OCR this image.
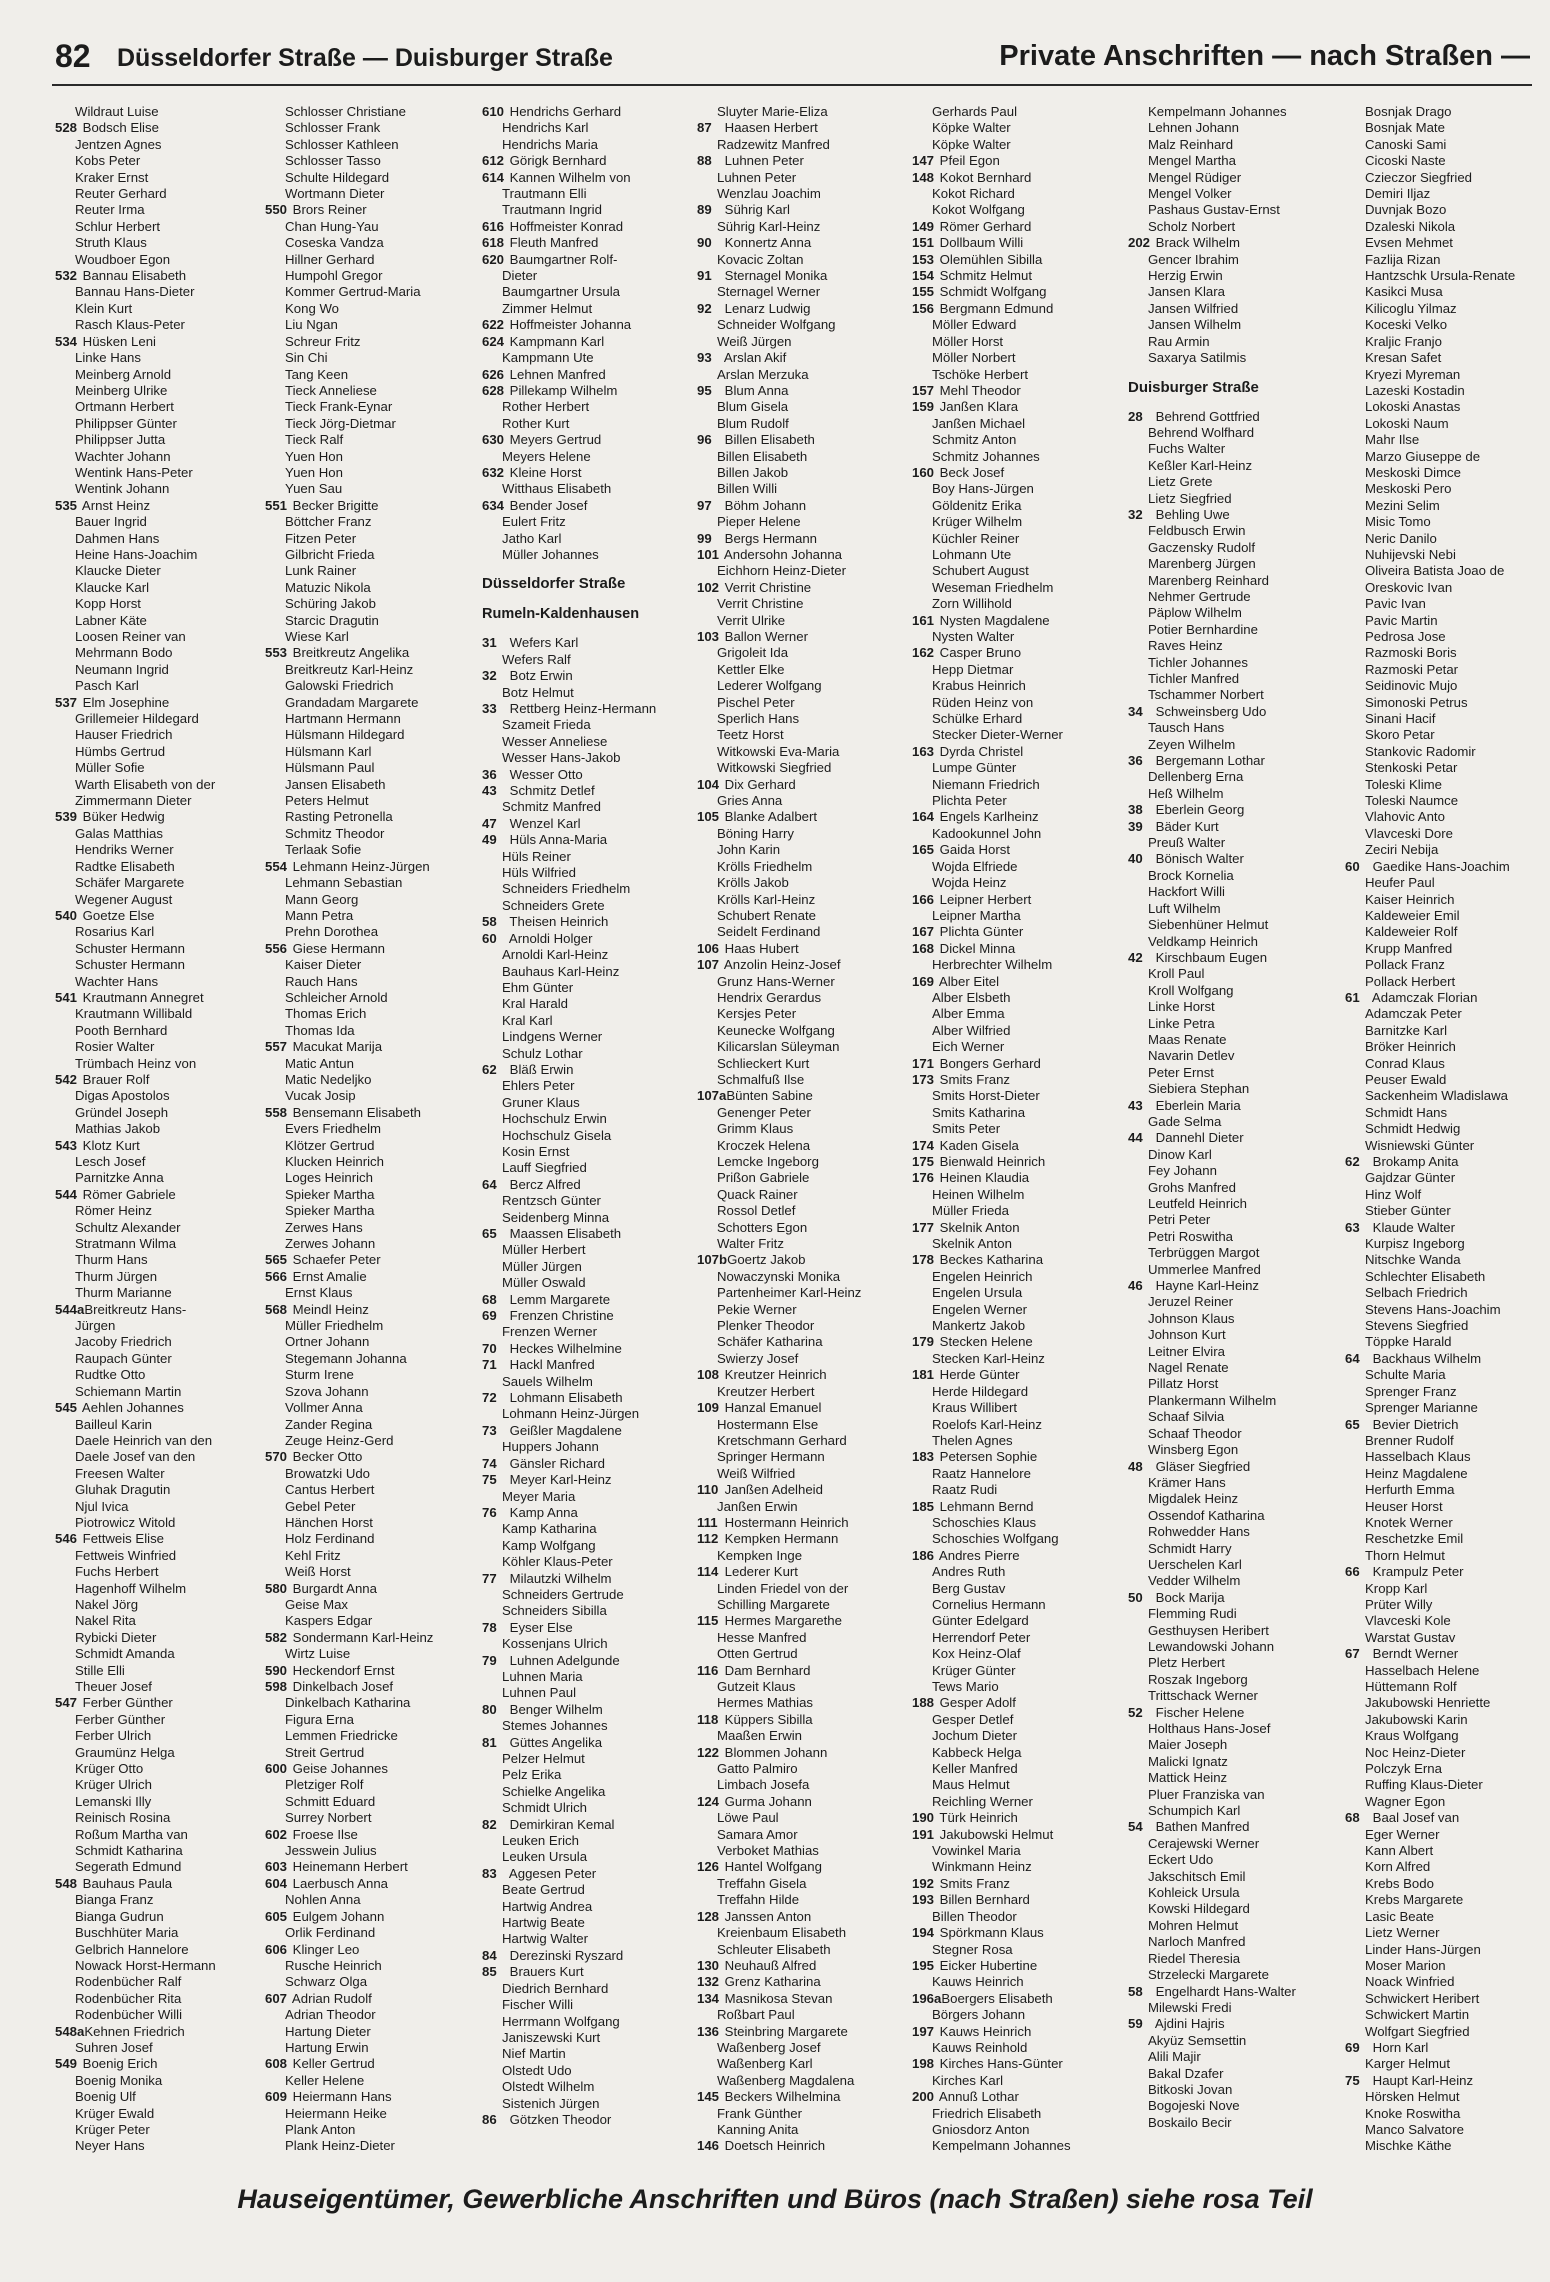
82 Düsseldorfer Straße — Duisburger Straße	Private Anschriften — nach Straßen —
Wildraut Luise
528 Bodsch Elise
Jentzen Agnes
Kobs Peter
Kraker Ernst
Reuter Gerhard
Reuter Irma
Schlur Herbert
Struth Klaus
Woudboer Egon
532 Bannau Elisabeth
Bannau Hans-Dieter
Klein Kurt
Rasch Klaus-Peter
534 Hüsken Leni
Linke Hans
Meinberg Arnold
Meinberg Ulrike
Ortmann Herbert
Philippser Günter
Philippser Jutta
Wachter Johann
Wentink Hans-Peter
Wentink Johann
535 Arnst Heinz
Bauer Ingrid
Dahmen Hans
Heine Hans-Joachim
Klaucke Dieter
Klaucke Karl
Kopp Horst
Labner Käte
Loosen Reiner van
Mehrmann Bodo
Neumann Ingrid
Pasch Karl
537 Elm Josephine
Grillemeier Hildegard
Hauser Friedrich
Hümbs Gertrud
Müller Sofie
Warth Elisabeth von der
Zimmermann Dieter
539 Büker Hedwig
Galas Matthias
Hendriks Werner
Radtke Elisabeth
Schäfer Margarete
Wegener August
540 Goetze Else
Rosarius Karl
Schuster Hermann
Schuster Hermann
Wachter Hans
541 Krautmann Annegret
Krautmann Willibald
Pooth Bernhard
Rosier Walter
Trümbach Heinz von
542 Brauer Rolf
Digas Apostolos
Gründel Joseph
Mathias Jakob
543 Klotz Kurt
Lesch Josef
Parnitzke Anna
544 Römer Gabriele
Römer Heinz
Schultz Alexander
Stratmann Wilma
Thurm Hans
Thurm Jürgen
Thurm Marianne
544aBreitkreutz Hans-
Jürgen
Jacoby Friedrich
Raupach Günter
Rudtke Otto
Schiemann Martin
545 Aehlen Johannes
Bailleul Karin
Daele Heinrich van den
Daele Josef van den
Freesen Walter
Gluhak Dragutin
Njul Ivica
Piotrowicz Witold
546 Fettweis Elise
Fettweis Winfried
Fuchs Herbert
Hagenhoff Wilhelm
Nakel Jörg
Nakel Rita
Rybicki Dieter
Schmidt Amanda
Stille Elli
Theuer Josef
547 Ferber Günther
Ferber Günther
Ferber Ulrich
Graumünz Helga
Krüger Otto
Krüger Ulrich
Lemanski Illy
Reinisch Rosina
Roßum Martha van
Schmidt Katharina
Segerath Edmund
548 Bauhaus Paula
Bianga Franz
Bianga Gudrun
Buschhüter Maria
Gelbrich Hannelore
Nowack Horst-Hermann
Rodenbücher Ralf
Rodenbücher Rita
Rodenbücher Willi
548aKehnen Friedrich
Suhren Josef
549 Boenig Erich
Boenig Monika
Boenig Ulf
Krüger Ewald
Krüger Peter
Neyer Hans
Schlosser Christiane
Schlosser Frank
Schlosser Kathleen
Schlosser Tasso
Schulte Hildegard
Wortmann Dieter
550 Brors Reiner
Chan Hung-Yau
Coseska Vandza
Hillner Gerhard
Humpohl Gregor
Kommer Gertrud-Maria
Kong Wo
Liu Ngan
Schreur Fritz
Sin Chi
Tang Keen
Tieck Anneliese
Tieck Frank-Eynar
Tieck Jörg-Dietmar
Tieck Ralf
Yuen Hon
Yuen Hon
Yuen Sau
551 Becker Brigitte
Böttcher Franz
Fitzen Peter
Gilbricht Frieda
Lunk Rainer
Matuzic Nikola
Schüring Jakob
Starcic Dragutin
Wiese Karl
553 Breitkreutz Angelika
Breitkreutz Karl-Heinz
Galowski Friedrich
Grandadam Margarete
Hartmann Hermann
Hülsmann Hildegard
Hülsmann Karl
Hülsmann Paul
Jansen Elisabeth
Peters Helmut
Rasting Petronella
Schmitz Theodor
Terlaak Sofie
554 Lehmann Heinz-Jürgen
Lehmann Sebastian
Mann Georg
Mann Petra
Prehn Dorothea
556 Giese Hermann
Kaiser Dieter
Rauch Hans
Schleicher Arnold
Thomas Erich
Thomas Ida
557 Macukat Marija
Matic Antun
Matic Nedeljko
Vucak Josip
558 Bensemann Elisabeth
Evers Friedhelm
Klötzer Gertrud
Klucken Heinrich
Loges Heinrich
Spieker Martha
Spieker Martha
Zerwes Hans
Zerwes Johann
565 Schaefer Peter
566 Ernst Amalie
Ernst Klaus
568 Meindl Heinz
Müller Friedhelm
Ortner Johann
Stegemann Johanna
Sturm Irene
Szova Johann
Vollmer Anna
Zander Regina
Zeuge Heinz-Gerd
570 Becker Otto
Browatzki Udo
Cantus Herbert
Gebel Peter
Hänchen Horst
Holz Ferdinand
Kehl Fritz
Weiß Horst
580 Burgardt Anna
Geise Max
Kaspers Edgar
582 Sondermann Karl-Heinz
Wirtz Luise
590 Heckendorf Ernst
598 Dinkelbach Josef
Dinkelbach Katharina
Figura Erna
Lemmen Friedricke
Streit Gertrud
600 Geise Johannes
Pletziger Rolf
Schmitt Eduard
Surrey Norbert
602 Froese Ilse
Jesswein Julius
603 Heinemann Herbert
604 Laerbusch Anna
Nohlen Anna
605 Eulgem Johann
Orlik Ferdinand
606 Klinger Leo
Rusche Heinrich
Schwarz Olga
607 Adrian Rudolf
Adrian Theodor
Hartung Dieter
Hartung Erwin
608 Keller Gertrud
Keller Helene
609 Heiermann Hans
Heiermann Heike
Plank Anton
Plank Heinz-Dieter
610 Hendrichs Gerhard
Hendrichs Karl
Hendrichs Maria
612 Görigk Bernhard
614 Kannen Wilhelm von
Trautmann Elli
Trautmann Ingrid
616 Hoffmeister Konrad
618 Fleuth Manfred
620 Baumgartner Rolf-
Dieter
Baumgartner Ursula
Zimmer Helmut
622 Hoffmeister Johanna
624 Kampmann Karl
Kampmann Ute
626 Lehnen Manfred
628 Pillekamp Wilhelm
Rother Herbert
Rother Kurt
630 Meyers Gertrud
Meyers Helene
632 Kleine Horst
Witthaus Elisabeth
634 Bender Josef
Eulert Fritz
Jatho Karl
Müller Johannes
Düsseldorfer Straße
Rumeln-Kaldenhausen
31 Wefers Karl
Wefers Ralf
32 Botz Erwin
Botz Helmut
33 Rettberg Heinz-Hermann
Szameit Frieda
Wesser Anneliese
Wesser Hans-Jakob
36 Wesser Otto
43 Schmitz Detlef
Schmitz Manfred
47 Wenzel Karl
49 Hüls Anna-Maria
Hüls Reiner
Hüls Wilfried
Schneiders Friedhelm
Schneiders Grete
58 Theisen Heinrich
60 Arnoldi Holger
Arnoldi Karl-Heinz
Bauhaus Karl-Heinz
Ehm Günter
Kral Harald
Kral Karl
Lindgens Werner
Schulz Lothar
62 Bläß Erwin
Ehlers Peter
Gruner Klaus
Hochschulz Erwin
Hochschulz Gisela
Kosin Ernst
Lauff Siegfried
64 Bercz Alfred
Rentzsch Günter
Seidenberg Minna
65 Maassen Elisabeth
Müller Herbert
Müller Jürgen
Müller Oswald
68 Lemm Margarete
69 Frenzen Christine
Frenzen Werner
70 Heckes Wilhelmine
71 Hackl Manfred
Sauels Wilhelm
72 Lohmann Elisabeth
Lohmann Heinz-Jürgen
73 Geißler Magdalene
Huppers Johann
74 Gänsler Richard
75 Meyer Karl-Heinz
Meyer Maria
76 Kamp Anna
Kamp Katharina
Kamp Wolfgang
Köhler Klaus-Peter
77 Milautzki Wilhelm
Schneiders Gertrude
Schneiders Sibilla
78 Eyser Else
Kossenjans Ulrich
79 Luhnen Adelgunde
Luhnen Maria
Luhnen Paul
80 Benger Wilhelm
Stemes Johannes
81 Güttes Angelika
Pelzer Helmut
Pelz Erika
Schielke Angelika
Schmidt Ulrich
82 Demirkiran Kemal
Leuken Erich
Leuken Ursula
83 Aggesen Peter
Beate Gertrud
Hartwig Andrea
Hartwig Beate
Hartwig Walter
84 Derezinski Ryszard
85 Brauers Kurt
Diedrich Bernhard
Fischer Willi
Herrmann Wolfgang
Janiszewski Kurt
Nief Martin
Olstedt Udo
Olstedt Wilhelm
Sistenich Jürgen
86 Götzken Theodor
Sluyter Marie-Eliza
87 Haasen Herbert
Radzewitz Manfred
88 Luhnen Peter
Luhnen Peter
Wenzlau Joachim
89 Sührig Karl
Sührig Karl-Heinz
90 Konnertz Anna
Kovacic Zoltan
91 Sternagel Monika
Sternagel Werner
92 Lenarz Ludwig
Schneider Wolfgang
Weiß Jürgen
93 Arslan Akif
Arslan Merzuka
95 Blum Anna
Blum Gisela
Blum Rudolf
96 Billen Elisabeth
Billen Elisabeth
Billen Jakob
Billen Willi
97 Böhm Johann
Pieper Helene
99 Bergs Hermann
101 Andersohn Johanna
Eichhorn Heinz-Dieter
102 Verrit Christine
Verrit Christine
Verrit Ulrike
103 Ballon Werner
Grigoleit Ida
Kettler Elke
Lederer Wolfgang
Pischel Peter
Sperlich Hans
Teetz Horst
Witkowski Eva-Maria
Witkowski Siegfried
104 Dix Gerhard
Gries Anna
105 Blanke Adalbert
Böning Harry
John Karin
Krölls Friedhelm
Krölls Jakob
Krölls Karl-Heinz
Schubert Renate
Seidelt Ferdinand
106 Haas Hubert
107 Anzolin Heinz-Josef
Grunz Hans-Werner
Hendrix Gerardus
Kersjes Peter
Keunecke Wolfgang
Kilicarslan Süleyman
Schlieckert Kurt
Schmalfuß Ilse
107aBünten Sabine
Genenger Peter
Grimm Klaus
Kroczek Helena
Lemcke Ingeborg
Prißon Gabriele
Quack Rainer
Rossol Detlef
Schotters Egon
Walter Fritz
107bGoertz Jakob
Nowaczynski Monika
Partenheimer Karl-Heinz
Pekie Werner
Plenker Theodor
Schäfer Katharina
Swierzy Josef
108 Kreutzer Heinrich
Kreutzer Herbert
109 Hanzal Emanuel
Hostermann Else
Kretschmann Gerhard
Springer Hermann
Weiß Wilfried
110 Janßen Adelheid
Janßen Erwin
111 Hostermann Heinrich
112 Kempken Hermann
Kempken Inge
114 Lederer Kurt
Linden Friedel von der
Schilling Margarete
115 Hermes Margarethe
Hesse Manfred
Otten Gertrud
116 Dam Bernhard
Gutzeit Klaus
Hermes Mathias
118 Küppers Sibilla
Maaßen Erwin
122 Blommen Johann
Gatto Palmiro
Limbach Josefa
124 Gurma Johann
Löwe Paul
Samara Amor
Verboket Mathias
126 Hantel Wolfgang
Treffahn Gisela
Treffahn Hilde
128 Janssen Anton
Kreienbaum Elisabeth
Schleuter Elisabeth
130 Neuhauß Alfred
132 Grenz Katharina
134 Masnikosa Stevan
Roßbart Paul
136 Steinbring Margarete
Waßenberg Josef
Waßenberg Karl
Waßenberg Magdalena
145 Beckers Wilhelmina
Frank Günther
Kanning Anita
146 Doetsch Heinrich
Gerhards Paul
Köpke Walter
Köpke Walter
147 Pfeil Egon
148 Kokot Bernhard
Kokot Richard
Kokot Wolfgang
149 Römer Gerhard
151 Dollbaum Willi
153 Olemühlen Sibilla
154 Schmitz Helmut
155 Schmidt Wolfgang
156 Bergmann Edmund
Möller Edward
Möller Horst
Möller Norbert
Tschöke Herbert
157 Mehl Theodor
159 Janßen Klara
Janßen Michael
Schmitz Anton
Schmitz Johannes
160 Beck Josef
Boy Hans-Jürgen
Göldenitz Erika
Krüger Wilhelm
Küchler Reiner
Lohmann Ute
Schubert August
Weseman Friedhelm
Zorn Willihold
161 Nysten Magdalene
Nysten Walter
162 Casper Bruno
Hepp Dietmar
Krabus Heinrich
Rüden Heinz von
Schülke Erhard
Stecker Dieter-Werner
163 Dyrda Christel
Lumpe Günter
Niemann Friedrich
Plichta Peter
164 Engels Karlheinz
Kadookunnel John
165 Gaida Horst
Wojda Elfriede
Wojda Heinz
166 Leipner Herbert
Leipner Martha
167 Plichta Günter
168 Dickel Minna
Herbrechter Wilhelm
169 Alber Eitel
Alber Elsbeth
Alber Emma
Alber Wilfried
Eich Werner
171 Bongers Gerhard
173 Smits Franz
Smits Horst-Dieter
Smits Katharina
Smits Peter
174 Kaden Gisela
175 Bienwald Heinrich
176 Heinen Klaudia
Heinen Wilhelm
Müller Frieda
177 Skelnik Anton
Skelnik Anton
178 Beckes Katharina
Engelen Heinrich
Engelen Ursula
Engelen Werner
Mankertz Jakob
179 Stecken Helene
Stecken Karl-Heinz
181 Herde Günter
Herde Hildegard
Kraus Willibert
Roelofs Karl-Heinz
Thelen Agnes
183 Petersen Sophie
Raatz Hannelore
Raatz Rudi
185 Lehmann Bernd
Schoschies Klaus
Schoschies Wolfgang
186 Andres Pierre
Andres Ruth
Berg Gustav
Cornelius Hermann
Günter Edelgard
Herrendorf Peter
Kox Heinz-Olaf
Krüger Günter
Tews Mario
188 Gesper Adolf
Gesper Detlef
Jochum Dieter
Kabbeck Helga
Keller Manfred
Maus Helmut
Reichling Werner
190 Türk Heinrich
191 Jakubowski Helmut
Vowinkel Maria
Winkmann Heinz
192 Smits Franz
193 Billen Bernhard
Billen Theodor
194 Spörkmann Klaus
Stegner Rosa
195 Eicker Hubertine
Kauws Heinrich
196aBoergers Elisabeth
Börgers Johann
197 Kauws Heinrich
Kauws Reinhold
198 Kirches Hans-Günter
Kirches Karl
200 Annuß Lothar
Friedrich Elisabeth
Gniosdorz Anton
Kempelmann Johannes
Kempelmann Johannes
Lehnen Johann
Malz Reinhard
Mengel Martha
Mengel Rüdiger
Mengel Volker
Pashaus Gustav-Ernst
Scholz Norbert
202 Brack Wilhelm
Gencer Ibrahim
Herzig Erwin
Jansen Klara
Jansen Wilfried
Jansen Wilhelm
Rau Armin
Saxarya Satilmis
Duisburger Straße
28 Behrend Gottfried
Behrend Wolfhard
Fuchs Walter
Keßler Karl-Heinz
Lietz Grete
Lietz Siegfried
32 Behling Uwe
Feldbusch Erwin
Gaczensky Rudolf
Marenberg Jürgen
Marenberg Reinhard
Nehmer Gertrude
Päplow Wilhelm
Potier Bernhardine
Raves Heinz
Tichler Johannes
Tichler Manfred
Tschammer Norbert
34 Schweinsberg Udo
Tausch Hans
Zeyen Wilhelm
36 Bergemann Lothar
Dellenberg Erna
Heß Wilhelm
38 Eberlein Georg
39 Bäder Kurt
Preuß Walter
40 Bönisch Walter
Brock Kornelia
Hackfort Willi
Luft Wilhelm
Siebenhüner Helmut
Veldkamp Heinrich
42 Kirschbaum Eugen
Kroll Paul
Kroll Wolfgang
Linke Horst
Linke Petra
Maas Renate
Navarin Detlev
Peter Ernst
Siebiera Stephan
43 Eberlein Maria
Gade Selma
44 Dannehl Dieter
Dinow Karl
Fey Johann
Grohs Manfred
Leutfeld Heinrich
Petri Peter
Petri Roswitha
Terbrüggen Margot
Ummerlee Manfred
46 Hayne Karl-Heinz
Jeruzel Reiner
Johnson Klaus
Johnson Kurt
Leitner Elvira
Nagel Renate
Pillatz Horst
Plankermann Wilhelm
Schaaf Silvia
Schaaf Theodor
Winsberg Egon
48 Gläser Siegfried
Krämer Hans
Migdalek Heinz
Ossendof Katharina
Rohwedder Hans
Schmidt Harry
Uerschelen Karl
Vedder Wilhelm
50 Bock Marija
Flemming Rudi
Gesthuysen Heribert
Lewandowski Johann
Pletz Herbert
Roszak Ingeborg
Trittschack Werner
52 Fischer Helene
Holthaus Hans-Josef
Maier Joseph
Malicki Ignatz
Mattick Heinz
Pluer Franziska van
Schumpich Karl
54 Bathen Manfred
Cerajewski Werner
Eckert Udo
Jakschitsch Emil
Kohleick Ursula
Kowski Hildegard
Mohren Helmut
Narloch Manfred
Riedel Theresia
Strzelecki Margarete
58 Engelhardt Hans-Walter
Milewski Fredi
59 Ajdini Hajris
Akyüz Semsettin
Alili Majir
Bakal Dzafer
Bitkoski Jovan
Bogojeski Nove
Boskailo Becir
Bosnjak Drago
Bosnjak Mate
Canoski Sami
Cicoski Naste
Czieczor Siegfried
Demiri Iljaz
Duvnjak Bozo
Dzaleski Nikola
Evsen Mehmet
Fazlija Rizan
Hantzschk Ursula-Renate
Kasikci Musa
Kilicoglu Yilmaz
Koceski Velko
Kraljic Franjo
Kresan Safet
Kryezi Myreman
Lazeski Kostadin
Lokoski Anastas
Lokoski Naum
Mahr Ilse
Marzo Giuseppe de
Meskoski Dimce
Meskoski Pero
Mezini Selim
Misic Tomo
Neric Danilo
Nuhijevski Nebi
Oliveira Batista Joao de
Oreskovic Ivan
Pavic Ivan
Pavic Martin
Pedrosa Jose
Razmoski Boris
Razmoski Petar
Seidinovic Mujo
Simonoski Petrus
Sinani Hacif
Skoro Petar
Stankovic Radomir
Stenkoski Petar
Toleski Klime
Toleski Naumce
Vlahovic Anto
Vlavceski Dore
Zeciri Nebija
60 Gaedike Hans-Joachim
Heufer Paul
Kaiser Heinrich
Kaldeweier Emil
Kaldeweier Rolf
Krupp Manfred
Pollack Franz
Pollack Herbert
61 Adamczak Florian
Adamczak Peter
Barnitzke Karl
Bröker Heinrich
Conrad Klaus
Peuser Ewald
Sackenheim Wladislawa
Schmidt Hans
Schmidt Hedwig
Wisniewski Günter
62 Brokamp Anita
Gajdzar Günter
Hinz Wolf
Stieber Günter
63 Klaude Walter
Kurpisz Ingeborg
Nitschke Wanda
Schlechter Elisabeth
Selbach Friedrich
Stevens Hans-Joachim
Stevens Siegfried
Töppke Harald
64 Backhaus Wilhelm
Schulte Maria
Sprenger Franz
Sprenger Marianne
65 Bevier Dietrich
Brenner Rudolf
Hasselbach Klaus
Heinz Magdalene
Herfurth Emma
Heuser Horst
Knotek Werner
Reschetzke Emil
Thorn Helmut
66 Krampulz Peter
Kropp Karl
Prüter Willy
Vlavceski Kole
Warstat Gustav
67 Berndt Werner
Hasselbach Helene
Hüttemann Rolf
Jakubowski Henriette
Jakubowski Karin
Kraus Wolfgang
Noc Heinz-Dieter
Polczyk Erna
Ruffing Klaus-Dieter
Wagner Egon
68 Baal Josef van
Eger Werner
Kann Albert
Korn Alfred
Krebs Bodo
Krebs Margarete
Lasic Beate
Lietz Werner
Linder Hans-Jürgen
Moser Marion
Noack Winfried
Schwickert Heribert
Schwickert Martin
Wolfgart Siegfried
69 Horn Karl
Karger Helmut
75 Haupt Karl-Heinz
Hörsken Helmut
Knoke Roswitha
Manco Salvatore
Mischke Käthe
Hauseigentümer, Gewerbliche Anschriften und Büros (nach Straßen) siehe rosa Teil
